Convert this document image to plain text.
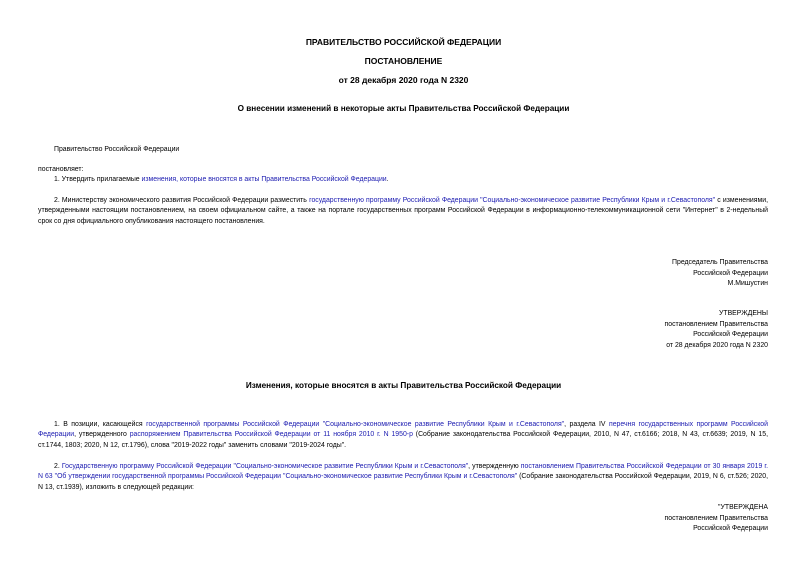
ПРАВИТЕЛЬСТВО РОССИЙСКОЙ ФЕДЕРАЦИИ
ПОСТАНОВЛЕНИЕ
от 28 декабря 2020 года N 2320
О внесении изменений в некоторые акты Правительства Российской Федерации
Правительство Российской Федерации
постановляет:
1. Утвердить прилагаемые изменения, которые вносятся в акты Правительства Российской Федерации.
2. Министерству экономического развития Российской Федерации разместить государственную программу Российской Федерации "Социально-экономическое развитие Республики Крым и г.Севастополя" с изменениями, утвержденными настоящим постановлением, на своем официальном сайте, а также на портале государственных программ Российской Федерации в информационно-телекоммуникационной сети "Интернет" в 2-недельный срок со дня официального опубликования настоящего постановления.
Председатель Правительства
Российской Федерации
М.Мишустин
УТВЕРЖДЕНЫ
постановлением Правительства
Российской Федерации
от 28 декабря 2020 года N 2320
Изменения, которые вносятся в акты Правительства Российской Федерации
1. В позиции, касающейся государственной программы Российской Федерации "Социально-экономическое развитие Республики Крым и г.Севастополя", раздела IV перечня государственных программ Российской Федерации, утвержденного распоряжением Правительства Российской Федерации от 11 ноября 2010 г. N 1950-р (Собрание законодательства Российской Федерации, 2010, N 47, ст.6166; 2018, N 43, ст.6639; 2019, N 15, ст.1744, 1803; 2020, N 12, ст.1796), слова "2019-2022 годы" заменить словами "2019-2024 годы".
2. Государственную программу Российской Федерации "Социально-экономическое развитие Республики Крым и г.Севастополя", утвержденную постановлением Правительства Российской Федерации от 30 января 2019 г. N 63 "Об утверждении государственной программы Российской Федерации "Социально-экономическое развитие Республики Крым и г.Севастополя" (Собрание законодательства Российской Федерации, 2019, N 6, ст.526; 2020, N 13, ст.1939), изложить в следующей редакции:
"УТВЕРЖДЕНА
постановлением Правительства
Российской Федерации
